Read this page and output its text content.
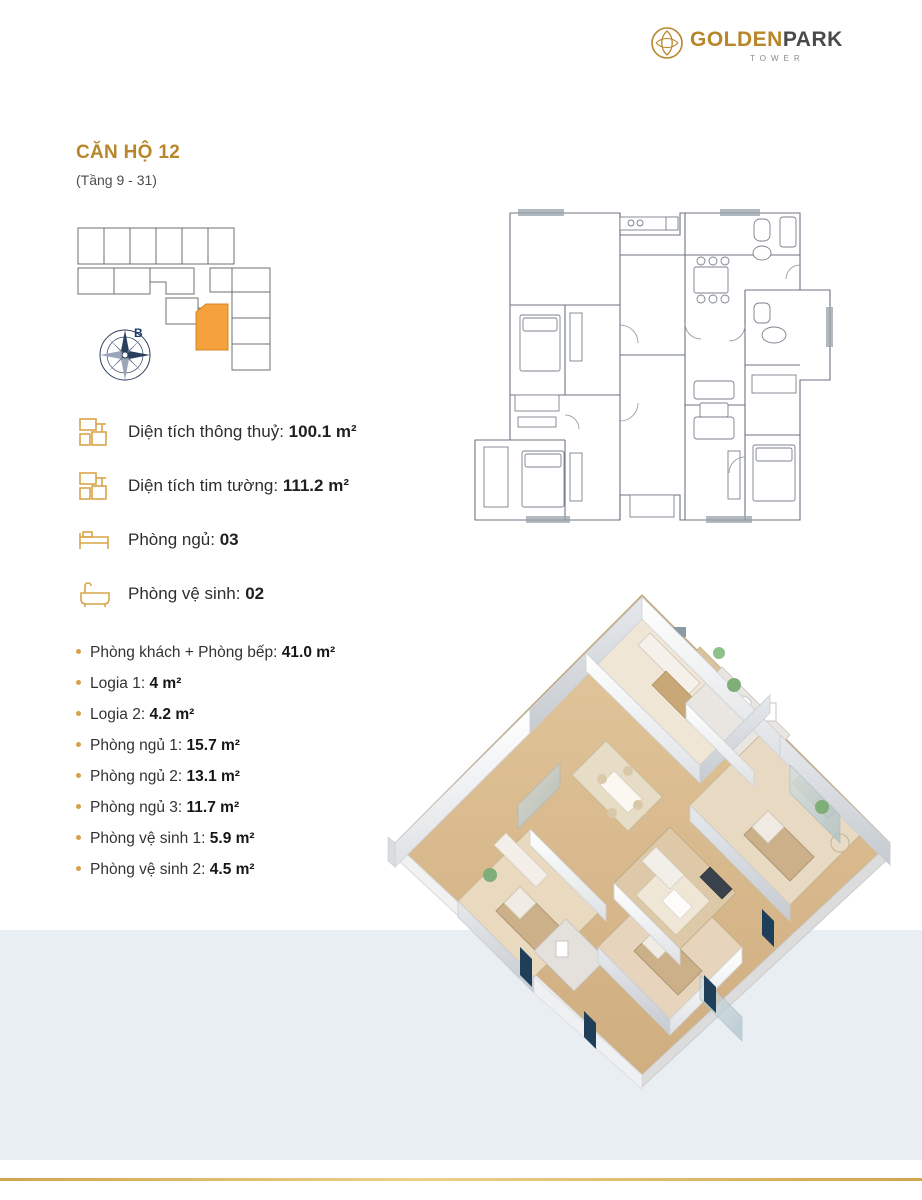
GOLDENPARK
TOWER
CĂN HỘ 12
(Tầng 9 - 31)
B
Diện tích thông thuỷ: 100.1 m²
Diện tích tim tường: 111.2 m²
Phòng ngủ: 03
Phòng vệ sinh: 02
Phòng khách + Phòng bếp:
41.0 m²
Logia 1:
4 m²
Logia 2:
4.2 m²
Phòng ngủ 1:
15.7 m²
Phòng ngủ 2:
13.1 m²
Phòng ngủ 3:
11.7 m²
Phòng vệ sinh 1:
5.9 m²
Phòng vệ sinh 2:
4.5 m²
